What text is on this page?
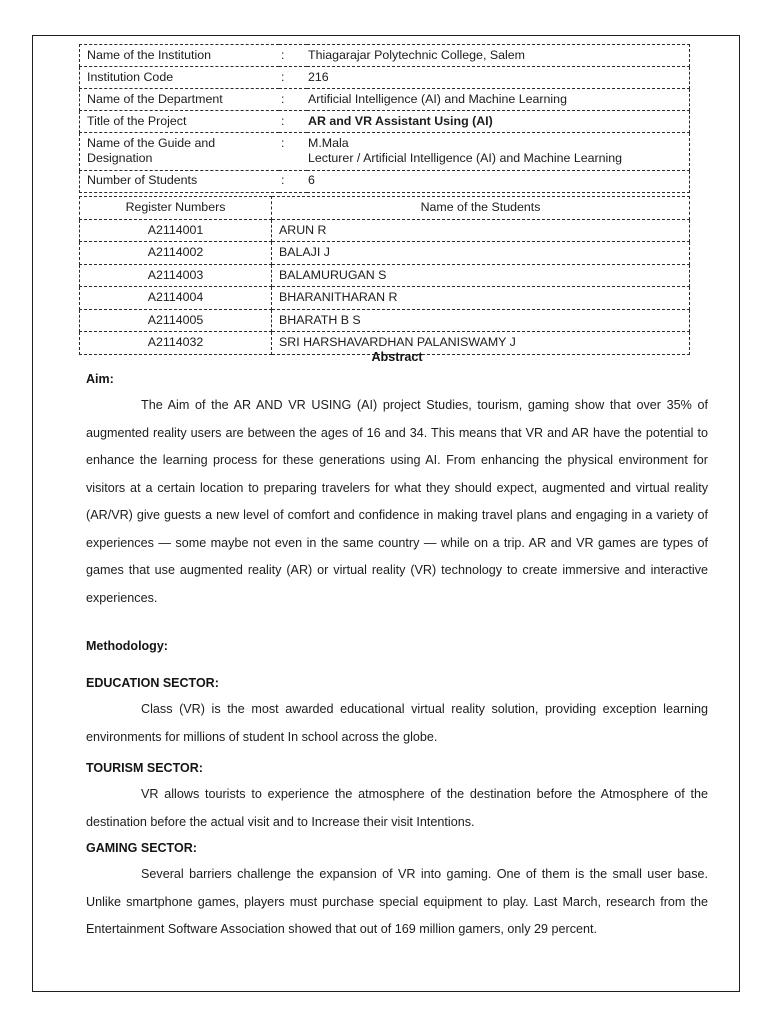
Name of the Institution	:	Thiagarajar Polytechnic College, Salem
Institution Code	:	216
Name of the Department	:	Artificial Intelligence (AI) and Machine Learning
Title of the Project	:	AR and VR Assistant Using (AI)
Name of the Guide and
Designation	:	M.Mala
Lecturer / Artificial Intelligence (AI) and Machine Learning

Number of Students	:	6
Register Numbers	Name of the Students
A2114001	ARUN R
A2114002	BALAJI J
A2114003	BALAMURUGAN S
A2114004	BHARANITHARAN R
A2114005	BHARATH B S
A2114032	SRI HARSHAVARDHAN PALANISWAMY J
Abstract
Aim:

The Aim of the AR AND VR USING (AI) project Studies, tourism, gaming show that over 35% of augmented reality users are between the ages of 16 and 34. This means that VR and AR have the potential to enhance the learning process for these generations using AI. From enhancing the physical environment for visitors at a certain location to preparing travelers for what they should expect, augmented and virtual reality (AR/VR) give guests a new level of comfort and confidence in making travel plans and engaging in a variety of experiences — some maybe not even in the same country — while on a trip. AR and VR games are types of games that use augmented reality (AR) or virtual reality (VR) technology to create immersive and interactive experiences.

Methodology:
EDUCATION SECTOR:

Class (VR) is the most awarded educational virtual reality solution, providing exception learning environments for millions of student In school across the globe.

TOURISM SECTOR:

VR allows tourists to experience the atmosphere of the destination before the Atmosphere of the destination before the actual visit and to Increase their visit Intentions.

GAMING SECTOR:

Several barriers challenge the expansion of VR into gaming. One of them is the small user base. Unlike smartphone games, players must purchase special equipment to play. Last March, research from the Entertainment Software Association showed that out of 169 million gamers, only 29 percent.
